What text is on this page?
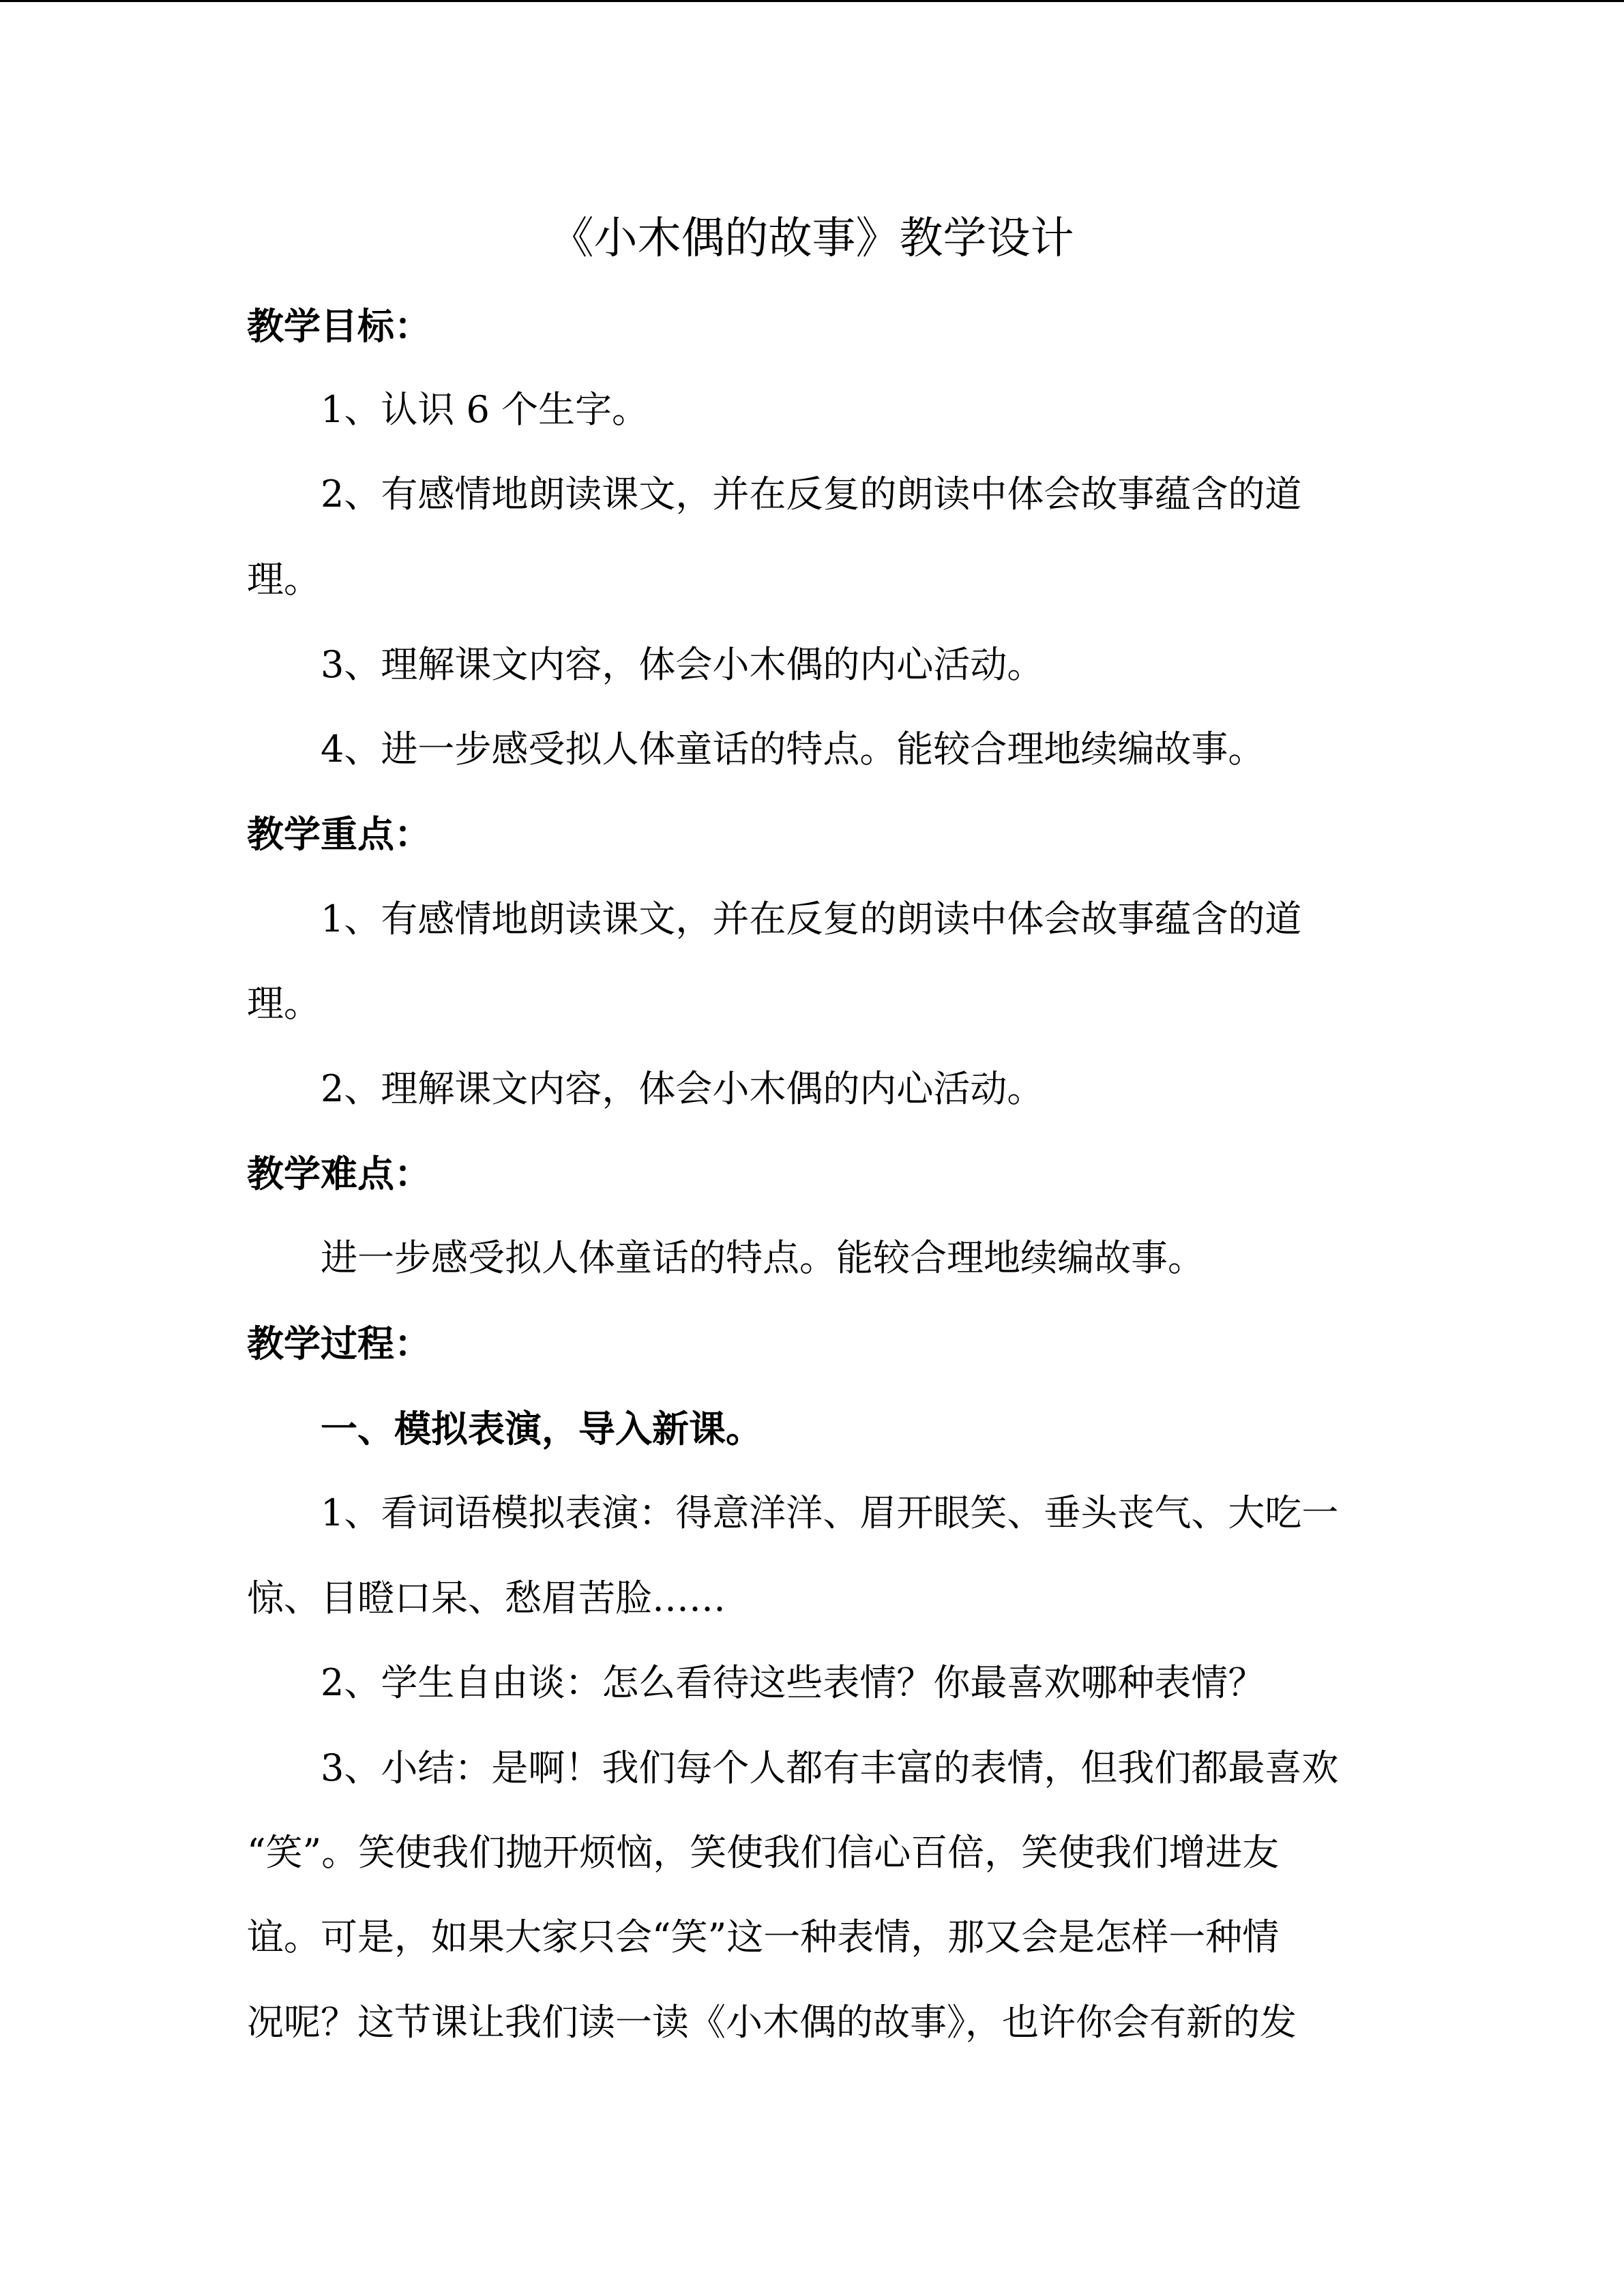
《小木偶的故事》教学设计
教学目标：
1、认识 6 个生字。
2、有感情地朗读课文，并在反复的朗读中体会故事蕴含的道
理。
3、理解课文内容，体会小木偶的内心活动。
4、进一步感受拟人体童话的特点。能较合理地续编故事。
教学重点：
1、有感情地朗读课文，并在反复的朗读中体会故事蕴含的道
理。
2、理解课文内容，体会小木偶的内心活动。
教学难点：
进一步感受拟人体童话的特点。能较合理地续编故事。
教学过程：
一、模拟表演，导入新课。
1、看词语模拟表演：得意洋洋、眉开眼笑、垂头丧气、大吃一
惊、目瞪口呆、愁眉苦脸……
2、学生自由谈：怎么看待这些表情？你最喜欢哪种表情？
3、小结：是啊！我们每个人都有丰富的表情，但我们都最喜欢
“笑”。笑使我们抛开烦恼，笑使我们信心百倍，笑使我们增进友
谊。可是，如果大家只会“笑”这一种表情，那又会是怎样一种情
况呢？这节课让我们读一读《小木偶的故事》，也许你会有新的发
